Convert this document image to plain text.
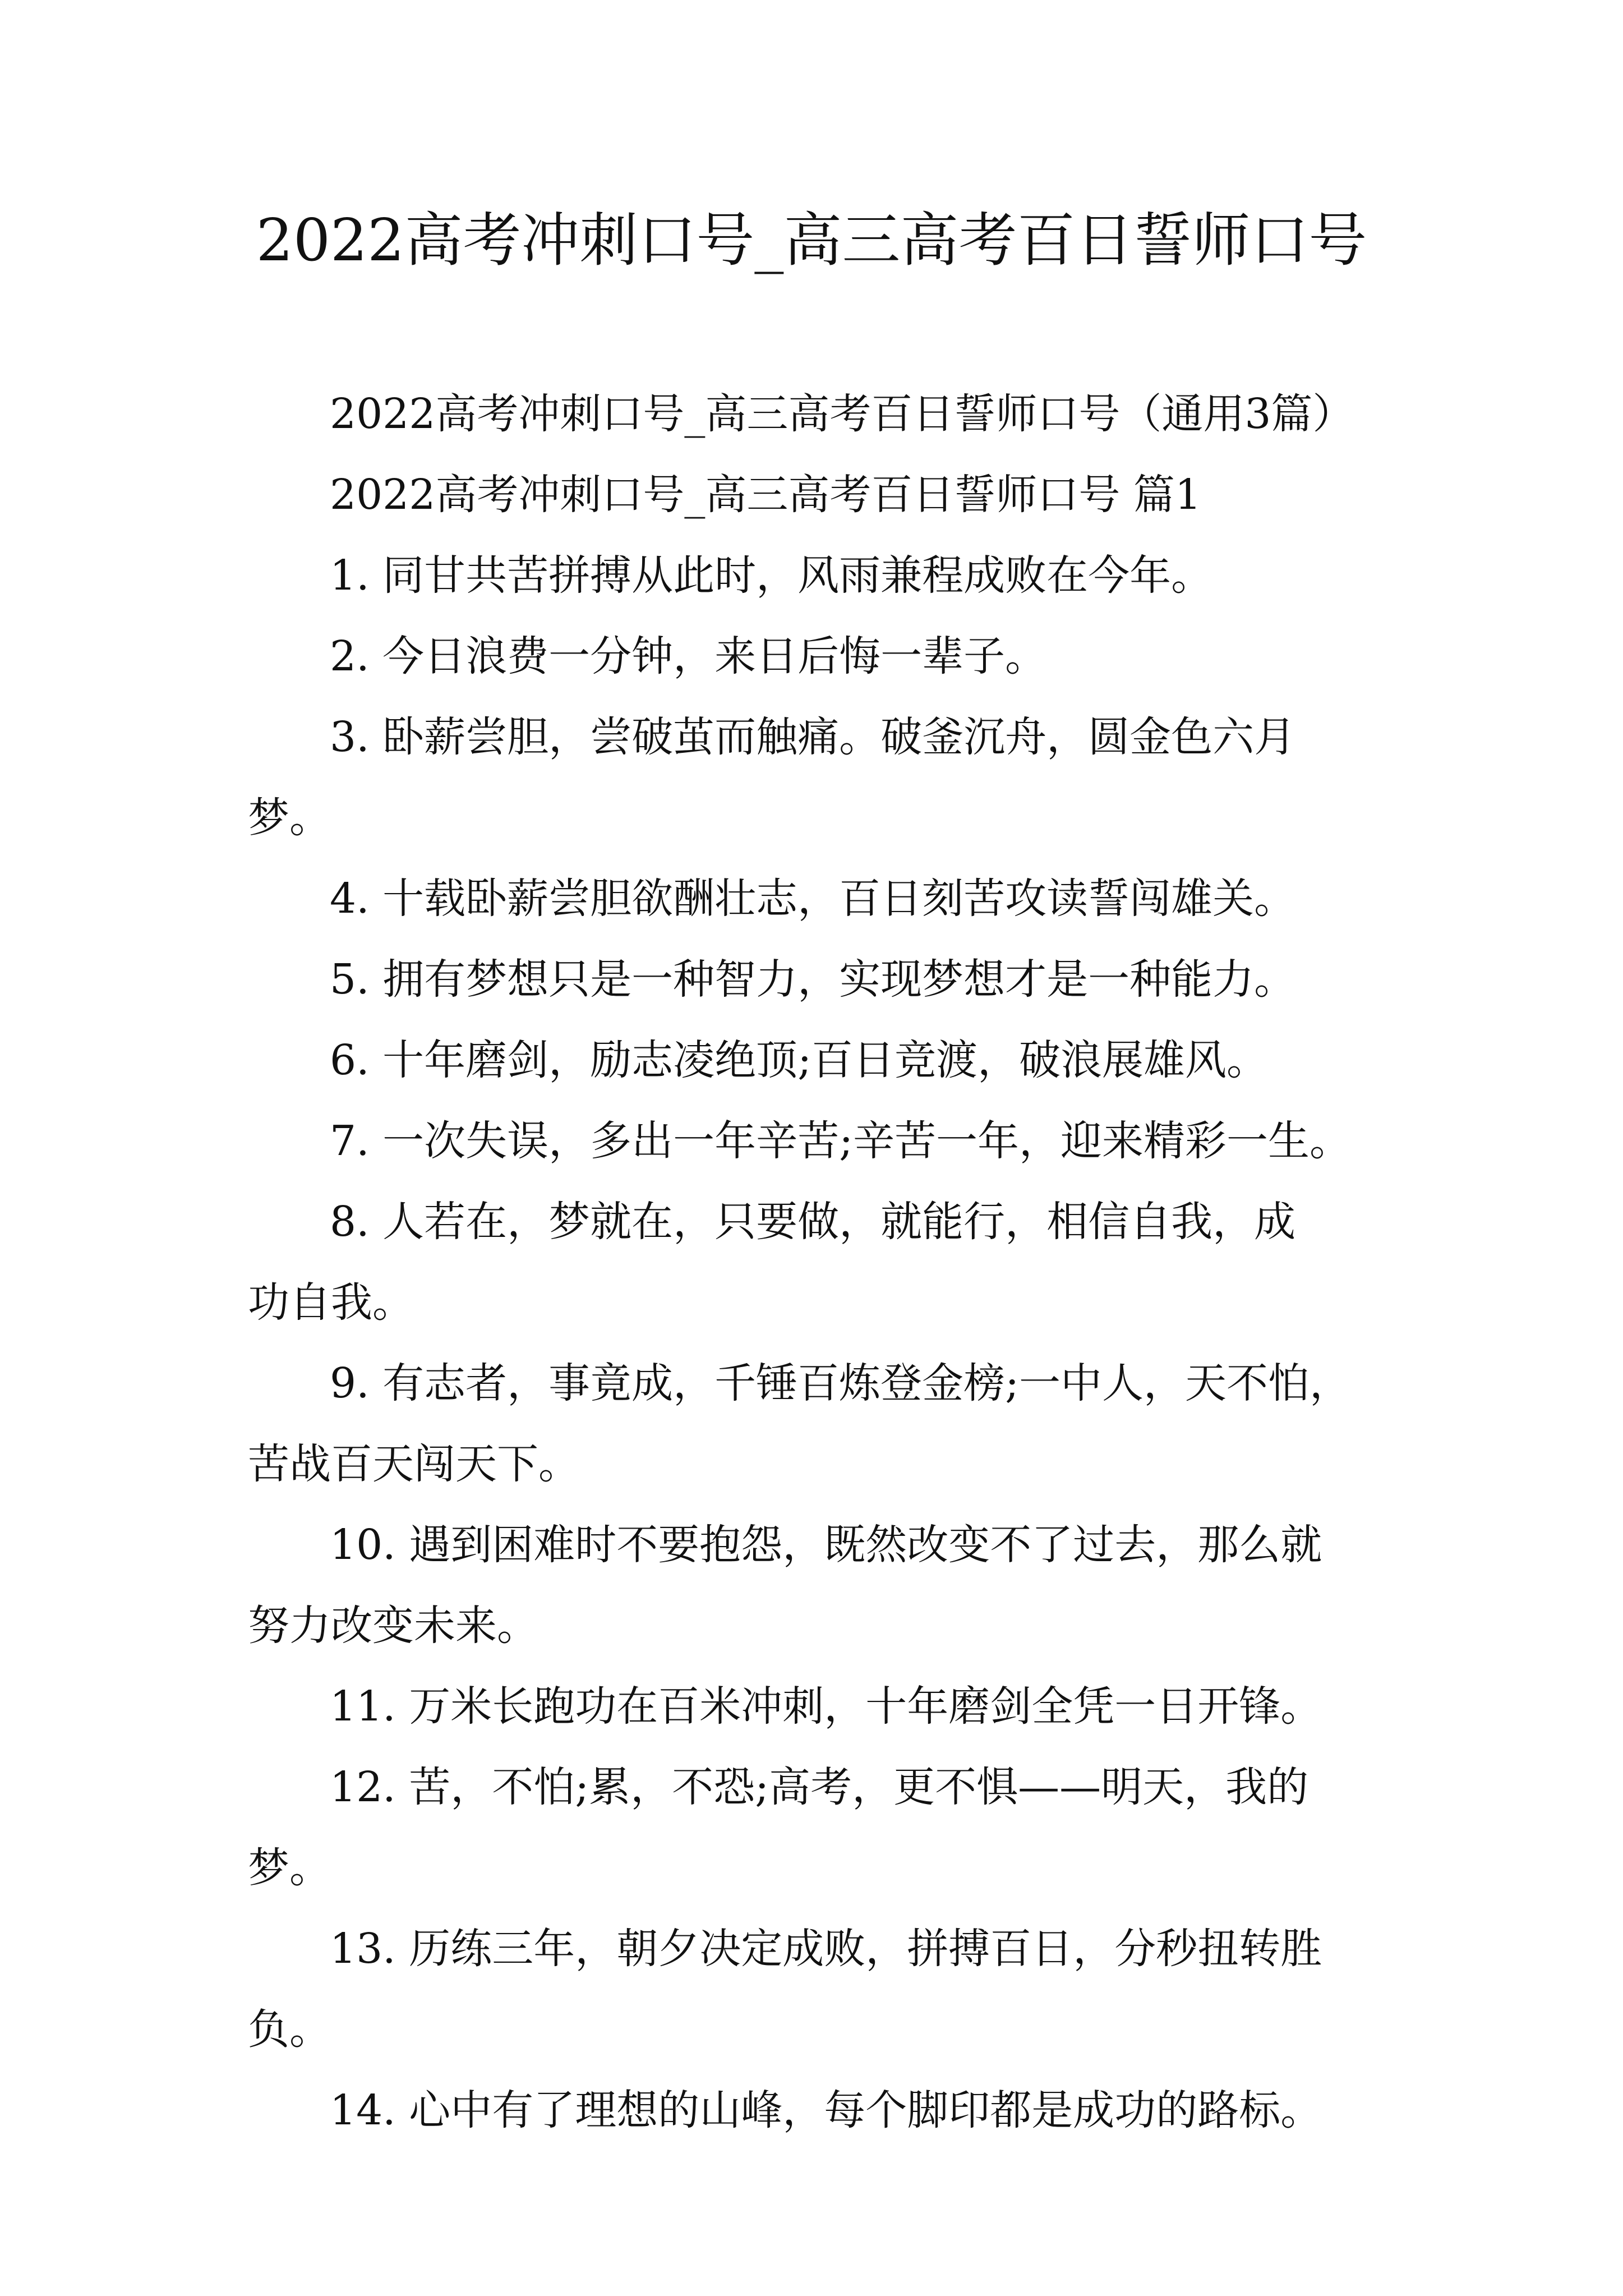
2022高考冲刺口号_高三高考百日誓师口号
2022高考冲刺口号_高三高考百日誓师口号（通用3篇）
2022高考冲刺口号_高三高考百日誓师口号 篇1
1. 同甘共苦拼搏从此时，风雨兼程成败在今年。
2. 今日浪费一分钟，来日后悔一辈子。
3. 卧薪尝胆，尝破茧而触痛。破釜沉舟，圆金色六月
梦。
4. 十载卧薪尝胆欲酬壮志，百日刻苦攻读誓闯雄关。
5. 拥有梦想只是一种智力，实现梦想才是一种能力。
6. 十年磨剑，励志凌绝顶;百日竞渡，破浪展雄风。
7. 一次失误，多出一年辛苦;辛苦一年，迎来精彩一生。
8. 人若在，梦就在，只要做，就能行，相信自我，成
功自我。
9. 有志者，事竟成，千锤百炼登金榜;一中人，天不怕，
苦战百天闯天下。
10. 遇到困难时不要抱怨，既然改变不了过去，那么就
努力改变未来。
11. 万米长跑功在百米冲刺，十年磨剑全凭一日开锋。
12. 苦，不怕;累，不恐;高考，更不惧——明天，我的
梦。
13. 历练三年，朝夕决定成败，拼搏百日，分秒扭转胜
负。
14. 心中有了理想的山峰，每个脚印都是成功的路标。
